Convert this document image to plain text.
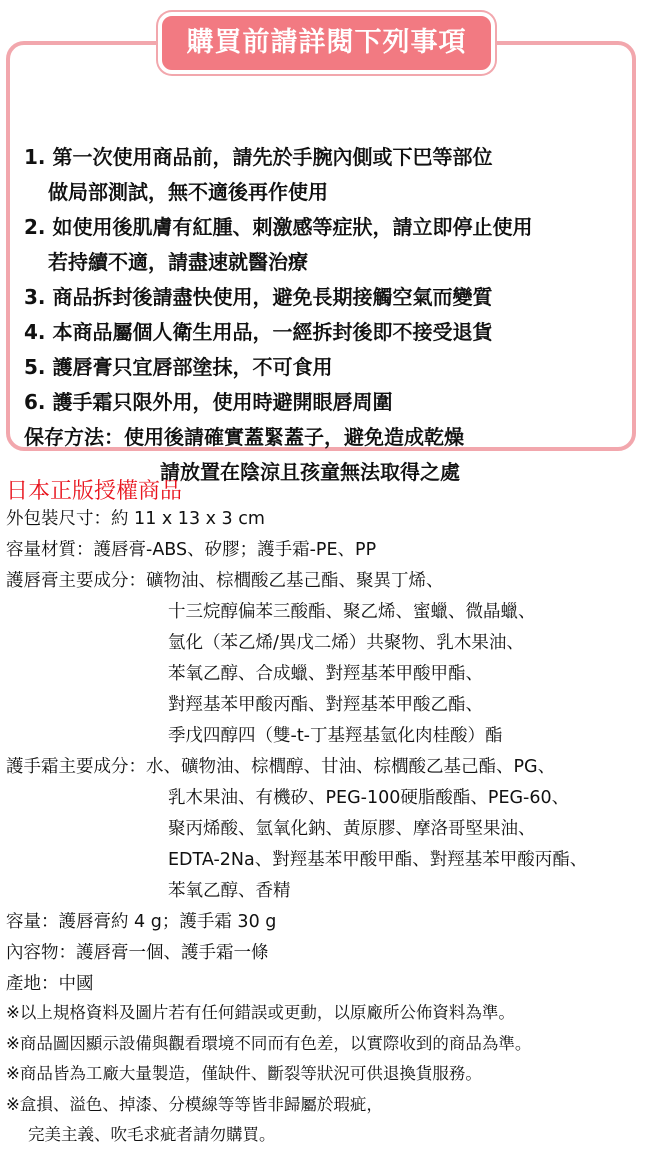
1. 第一次使用商品前，請先於手腕內側或下巴等部位
做局部測試，無不適後再作使用
2. 如使用後肌膚有紅腫、刺激感等症狀，請立即停止使用
若持續不適，請盡速就醫治療
3. 商品拆封後請盡快使用，避免長期接觸空氣而變質
4. 本商品屬個人衛生用品，一經拆封後即不接受退貨
5. 護唇膏只宜唇部塗抹，不可食用
6. 護手霜只限外用，使用時避開眼唇周圍
保存方法：使用後請確實蓋緊蓋子，避免造成乾燥
請放置在陰涼且孩童無法取得之處
購買前請詳閱下列事項
日本正版授權商品
外包裝尺寸：約 11 x 13 x 3 cm
容量材質：護唇膏-ABS、矽膠；護手霜-PE、PP
護唇膏主要成分：礦物油、棕櫚酸乙基己酯、聚異丁烯、
十三烷醇偏苯三酸酯、聚乙烯、蜜蠟、微晶蠟、
氫化（苯乙烯/異戊二烯）共聚物、乳木果油、
苯氧乙醇、合成蠟、對羥基苯甲酸甲酯、
對羥基苯甲酸丙酯、對羥基苯甲酸乙酯、
季戊四醇四（雙-t-丁基羥基氫化肉桂酸）酯
護手霜主要成分：水、礦物油、棕櫚醇、甘油、棕櫚酸乙基己酯、PG、
乳木果油、有機矽、PEG-100硬脂酸酯、PEG-60、
聚丙烯酸、氫氧化鈉、黃原膠、摩洛哥堅果油、
EDTA-2Na、對羥基苯甲酸甲酯、對羥基苯甲酸丙酯、
苯氧乙醇、香精
容量：護唇膏約 4 g；護手霜 30 g
內容物：護唇膏一個、護手霜一條
產地：中國
※以上規格資料及圖片若有任何錯誤或更動，以原廠所公佈資料為準。
※商品圖因顯示設備與觀看環境不同而有色差，以實際收到的商品為準。
※商品皆為工廠大量製造，僅缺件、斷裂等狀況可供退換貨服務。
※盒損、溢色、掉漆、分模線等等皆非歸屬於瑕疵，
完美主義、吹毛求疵者請勿購買。
